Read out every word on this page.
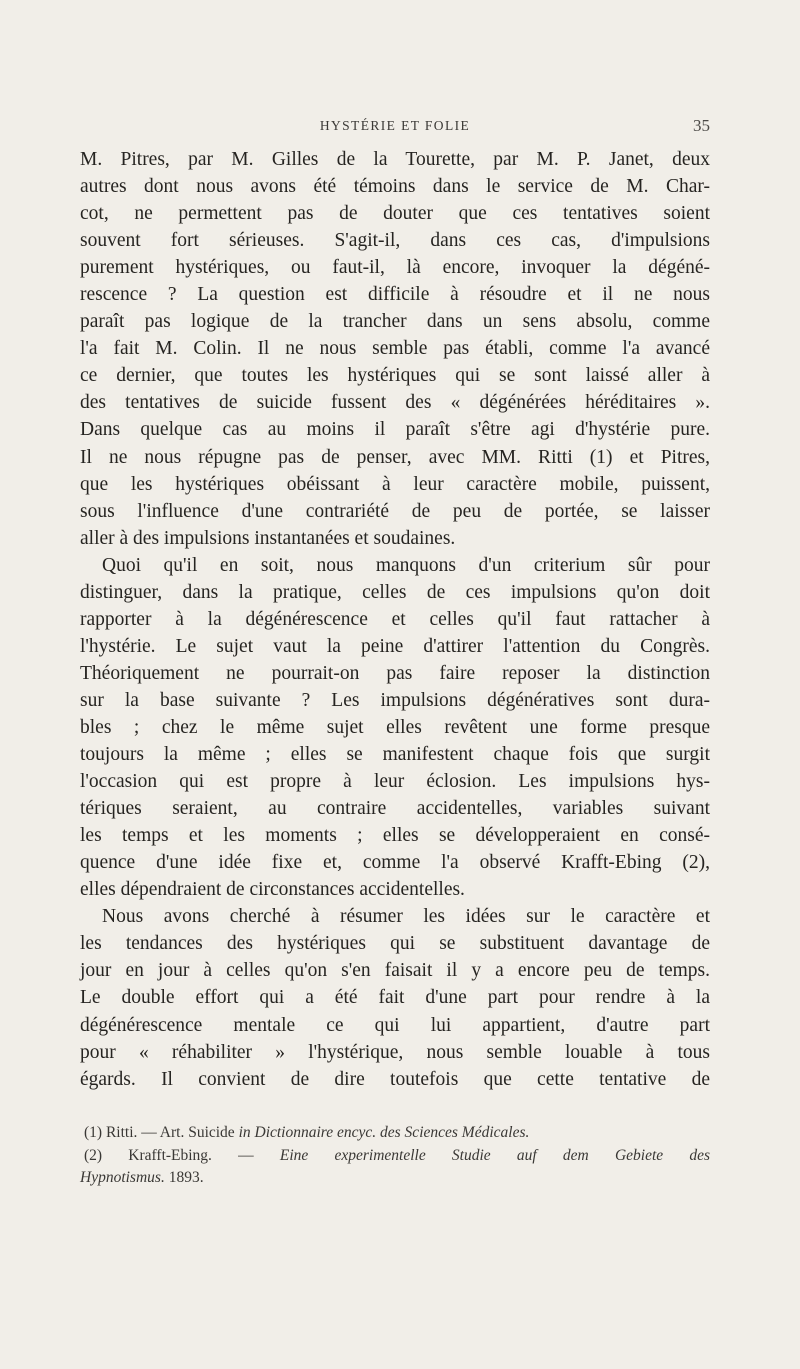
HYSTÉRIE ET FOLIE	35
M. Pitres, par M. Gilles de la Tourette, par M. P. Janet, deux
autres dont nous avons été témoins dans le service de M. Char-
cot, ne permettent pas de douter que ces tentatives soient
souvent fort sérieuses. S'agit-il, dans ces cas, d'impulsions
purement hystériques, ou faut-il, là encore, invoquer la dégéné-
rescence ? La question est difficile à résoudre et il ne nous
paraît pas logique de la trancher dans un sens absolu, comme
l'a fait M. Colin. Il ne nous semble pas établi, comme l'a avancé
ce dernier, que toutes les hystériques qui se sont laissé aller à
des tentatives de suicide fussent des « dégénérées héréditaires ».
Dans quelque cas au moins il paraît s'être agi d'hystérie pure.
Il ne nous répugne pas de penser, avec MM. Ritti (1) et Pitres,
que les hystériques obéissant à leur caractère mobile, puissent,
sous l'influence d'une contrariété de peu de portée, se laisser
aller à des impulsions instantanées et soudaines.
Quoi qu'il en soit, nous manquons d'un criterium sûr pour
distinguer, dans la pratique, celles de ces impulsions qu'on doit
rapporter à la dégénérescence et celles qu'il faut rattacher à
l'hystérie. Le sujet vaut la peine d'attirer l'attention du Congrès.
Théoriquement ne pourrait-on pas faire reposer la distinction
sur la base suivante ? Les impulsions dégénératives sont dura-
bles ; chez le même sujet elles revêtent une forme presque
toujours la même ; elles se manifestent chaque fois que surgit
l'occasion qui est propre à leur éclosion. Les impulsions hys-
tériques seraient, au contraire accidentelles, variables suivant
les temps et les moments ; elles se développeraient en consé-
quence d'une idée fixe et, comme l'a observé Krafft-Ebing (2),
elles dépendraient de circonstances accidentelles.
Nous avons cherché à résumer les idées sur le caractère et
les tendances des hystériques qui se substituent davantage de
jour en jour à celles qu'on s'en faisait il y a encore peu de temps.
Le double effort qui a été fait d'une part pour rendre à la
dégénérescence mentale ce qui lui appartient, d'autre part
pour « réhabiliter » l'hystérique, nous semble louable à tous
égards. Il convient de dire toutefois que cette tentative de
(1) Ritti. — Art. Suicide in Dictionnaire encyc. des Sciences Médicales.
(2) Krafft-Ebing. — Eine experimentelle Studie auf dem Gebiete des
Hypnotismus. 1893.
